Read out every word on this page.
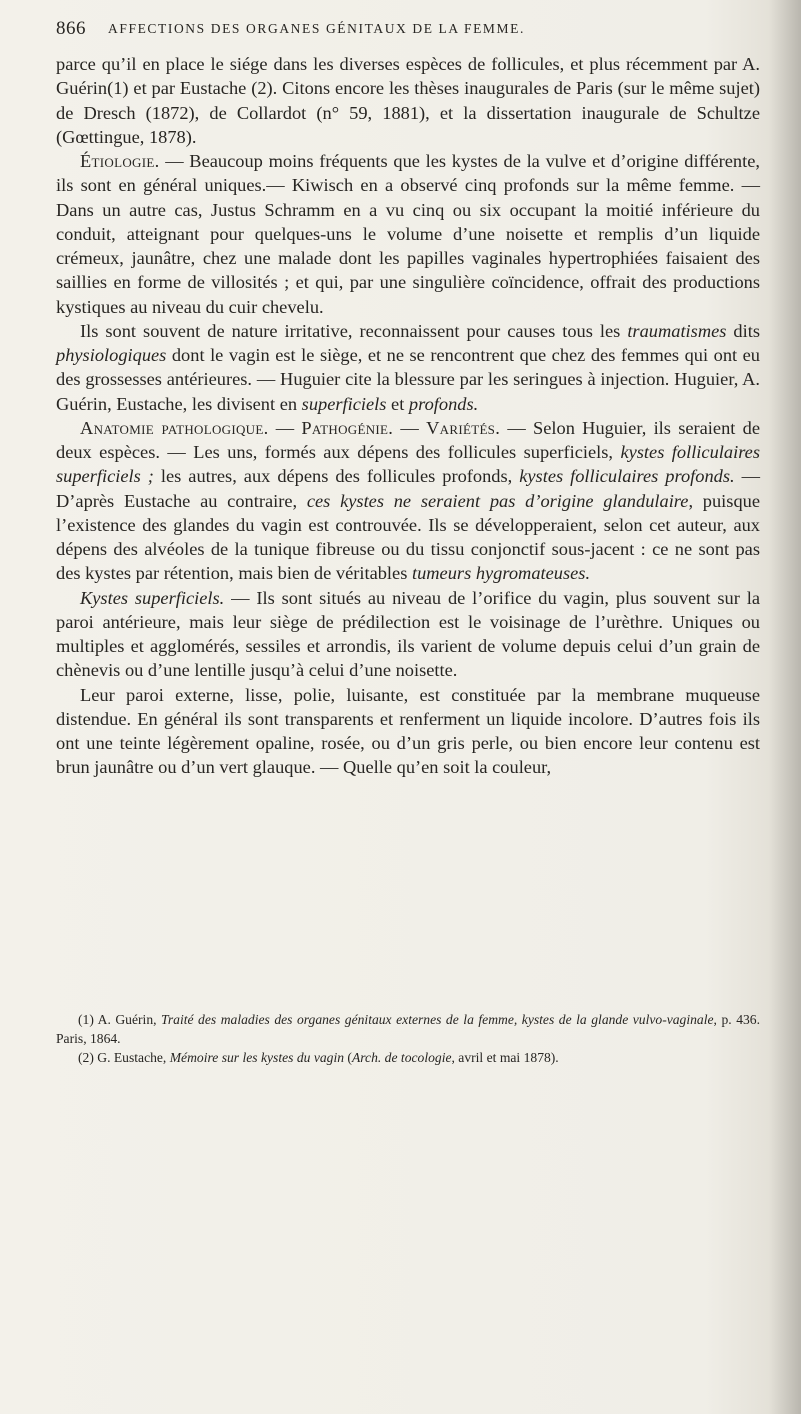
866 AFFECTIONS DES ORGANES GÉNITAUX DE LA FEMME.

parce qu’il en place le siége dans les diverses espèces de follicules, et plus récemment par A. Guérin(1) et par Eustache (2). Citons encore les thèses inaugurales de Paris (sur le même sujet) de Dresch (1872), de Collardot (n° 59, 1881), et la dissertation inaugurale de Schultze (Gœttingue, 1878).

Étiologie. — Beaucoup moins fréquents que les kystes de la vulve et d’origine différente, ils sont en général uniques.— Kiwisch en a observé cinq profonds sur la même femme. — Dans un autre cas, Justus Schramm en a vu cinq ou six occupant la moitié inférieure du conduit, atteignant pour quelques-uns le volume d’une noisette et remplis d’un liquide crémeux, jaunâtre, chez une malade dont les papilles vaginales hypertrophiées faisaient des saillies en forme de villosités ; et qui, par une singulière coïncidence, offrait des productions kystiques au niveau du cuir chevelu.

Ils sont souvent de nature irritative, reconnaissent pour causes tous les traumatismes dits physiologiques dont le vagin est le siège, et ne se rencontrent que chez des femmes qui ont eu des grossesses antérieures. — Huguier cite la blessure par les seringues à injection. Huguier, A. Guérin, Eustache, les divisent en superficiels et profonds.

Anatomie pathologique. — Pathogénie. — Variétés. — Selon Huguier, ils seraient de deux espèces. — Les uns, formés aux dépens des follicules superficiels, kystes folliculaires superficiels ; les autres, aux dépens des follicules profonds, kystes folliculaires profonds. — D’après Eustache au contraire, ces kystes ne seraient pas d’origine glandulaire, puisque l’existence des glandes du vagin est controuvée. Ils se développeraient, selon cet auteur, aux dépens des alvéoles de la tunique fibreuse ou du tissu conjonctif sous-jacent : ce ne sont pas des kystes par rétention, mais bien de véritables tumeurs hygromateuses.

Kystes superficiels. — Ils sont situés au niveau de l’orifice du vagin, plus souvent sur la paroi antérieure, mais leur siège de prédilection est le voisinage de l’urèthre. Uniques ou multiples et agglomérés, sessiles et arrondis, ils varient de volume depuis celui d’un grain de chènevis ou d’une lentille jusqu’à celui d’une noisette.

Leur paroi externe, lisse, polie, luisante, est constituée par la membrane muqueuse distendue. En général ils sont transparents et renferment un liquide incolore. D’autres fois ils ont une teinte légèrement opaline, rosée, ou d’un gris perle, ou bien encore leur contenu est brun jaunâtre ou d’un vert glauque. — Quelle qu’en soit la couleur,

(1) A. Guérin, Traité des maladies des organes génitaux externes de la femme, kystes de la glande vulvo-vaginale, p. 436. Paris, 1864.

(2) G. Eustache, Mémoire sur les kystes du vagin (Arch. de tocologie, avril et mai 1878).
